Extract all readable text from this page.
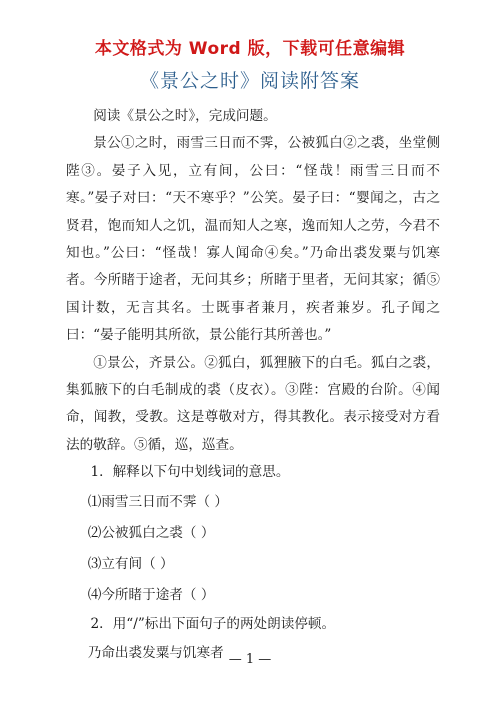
本文格式为 Word 版，下载可任意编辑
《景公之时》阅读附答案

阅读《景公之时》，完成问题。

景公①之时，雨雪三日而不霁，公被狐白②之裘，坐堂侧陛③。晏子入见，立有间，公曰：“怪哉！雨雪三日而不寒。”晏子对曰：“天不寒乎？”公笑。晏子曰：“婴闻之，古之贤君，饱而知人之饥，温而知人之寒，逸而知人之劳，今君不知也。”公曰：“怪哉！寡人闻命④矣。”乃命出裘发粟与饥寒者。今所睹于途者，无问其乡；所睹于里者，无问其家；循⑤国计数，无言其名。士既事者兼月，疾者兼岁。孔子闻之曰：“晏子能明其所欲，景公能行其所善也。”

①景公，齐景公。②狐白，狐狸腋下的白毛。狐白之裘，集狐腋下的白毛制成的裘（皮衣）。③陛：宫殿的台阶。④闻命，闻教，受教。这是尊敬对方，得其教化。表示接受对方看法的敬辞。⑤循，巡，巡查。

1．解释以下句中划线词的意思。

⑴雨雪三日而不霁（ ）

⑵公被狐白之裘（ ）

⑶立有间（ ）

⑷今所睹于途者（ ）

2．用“/”标出下面句子的两处朗读停顿。

乃命出裘发粟与饥寒者 — 1 —
